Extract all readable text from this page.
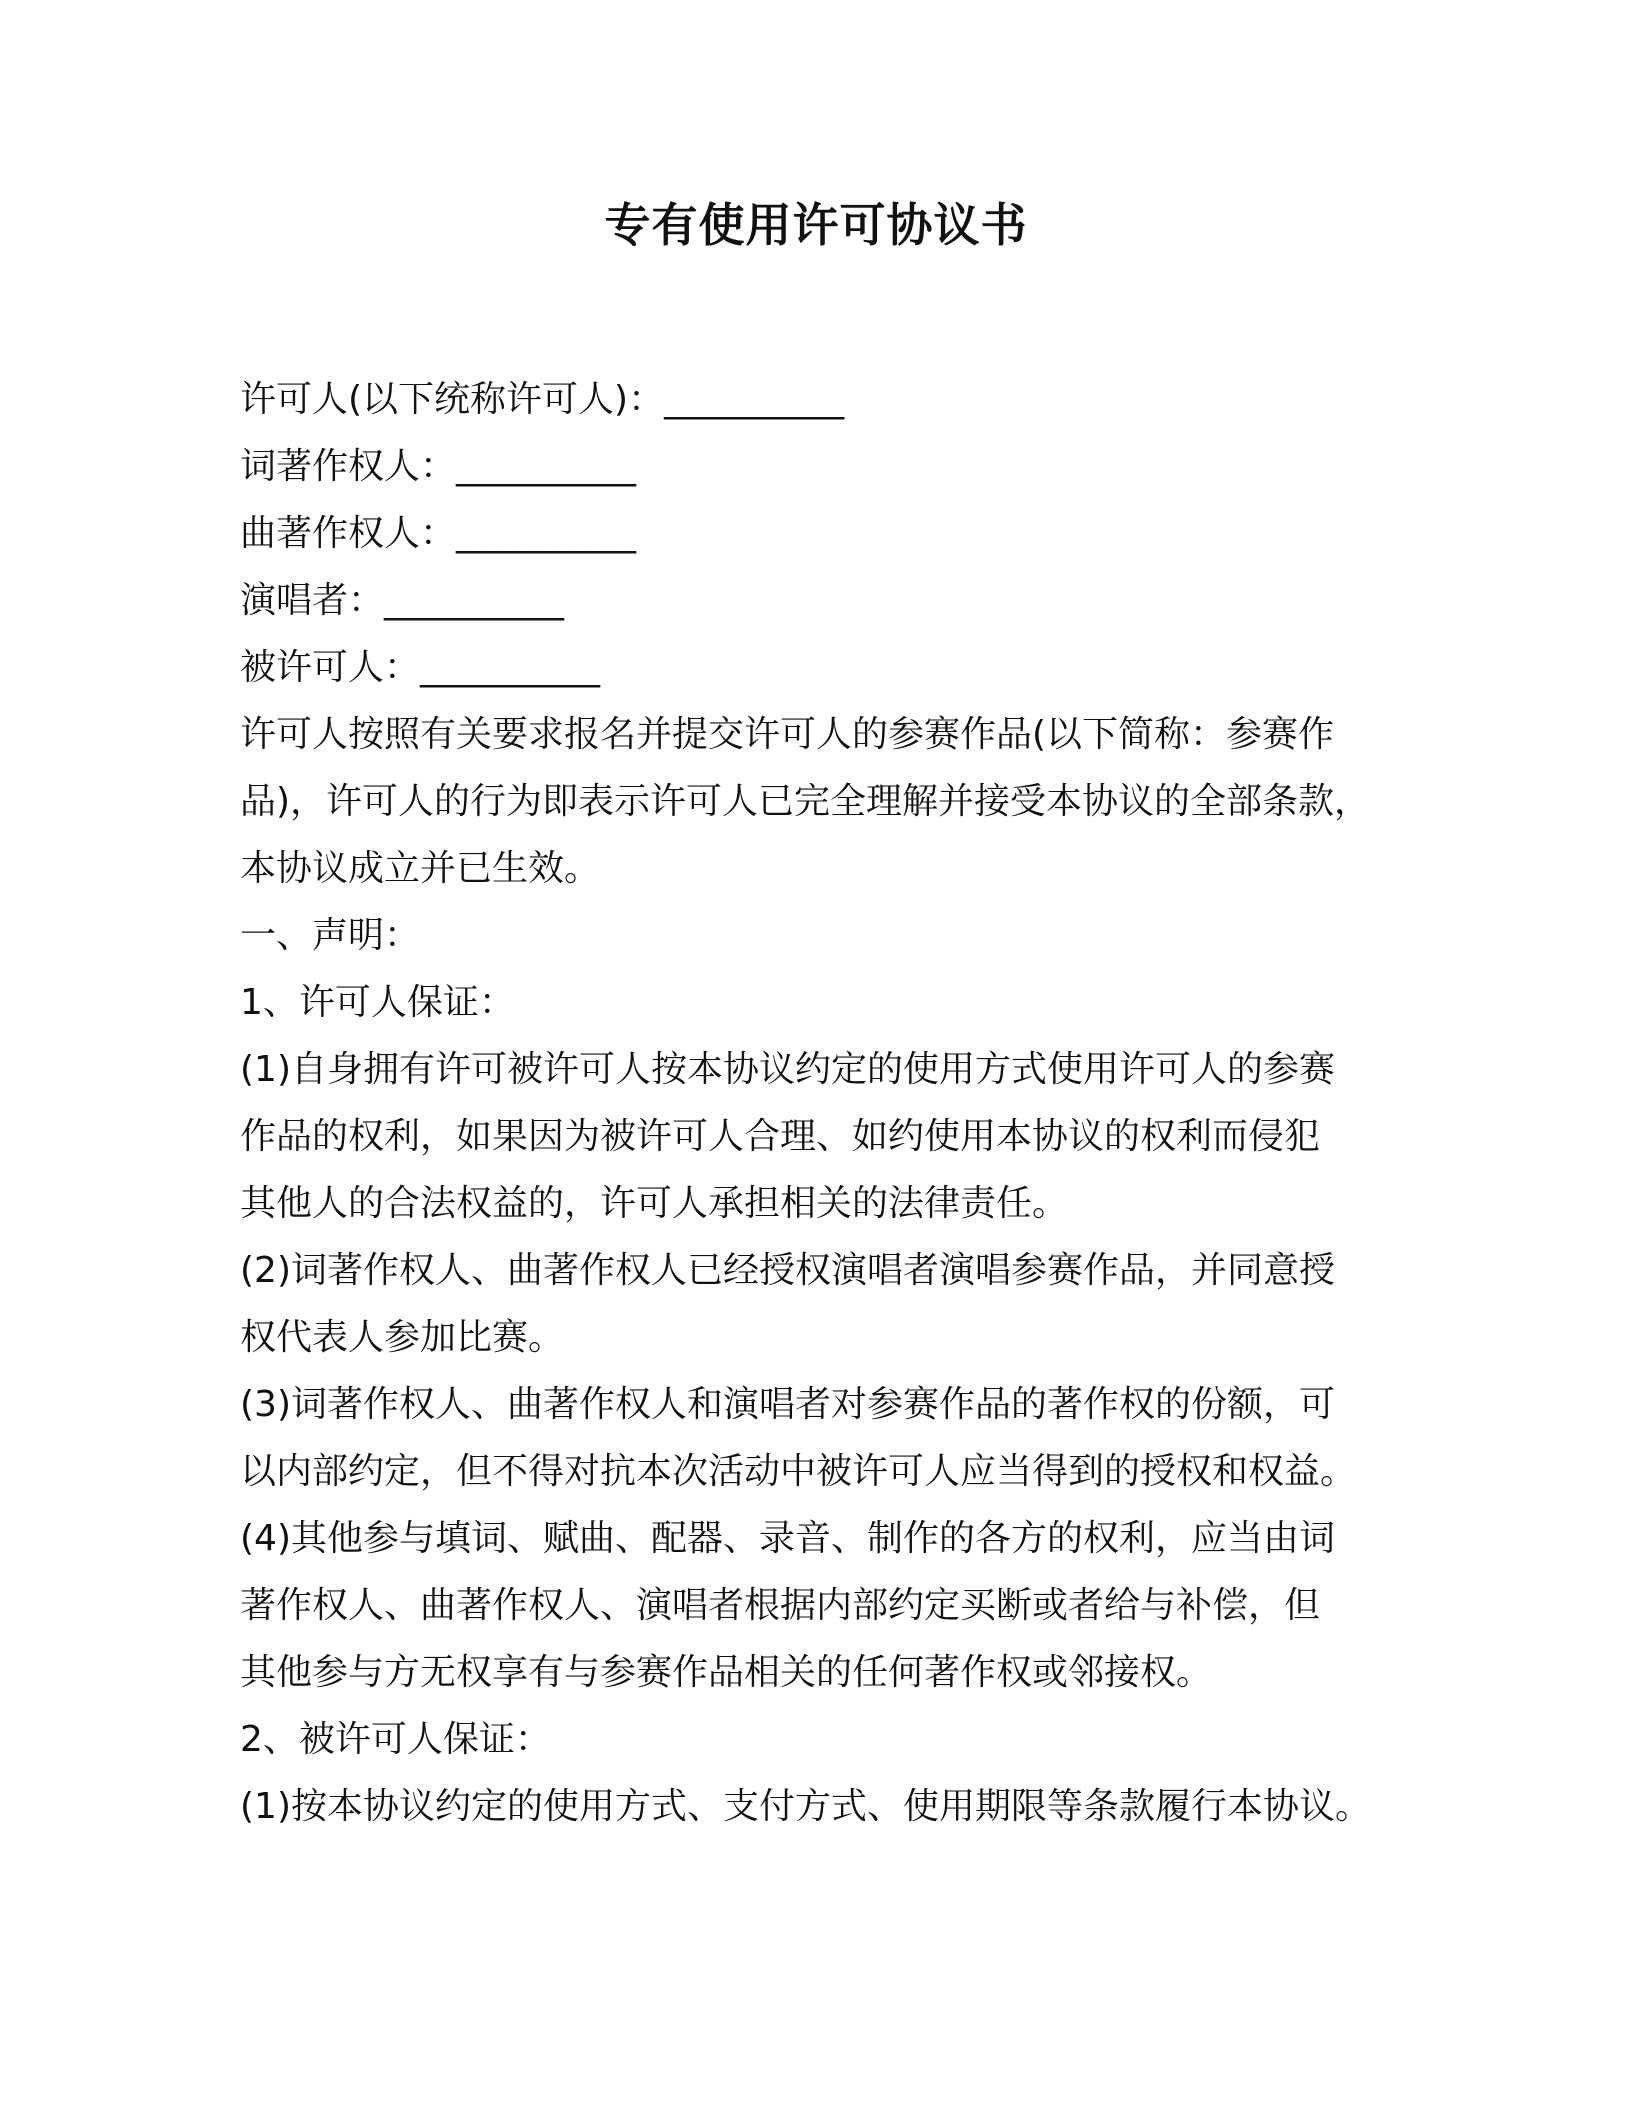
专有使用许可协议书
许可人(以下统称许可人)：__________
词著作权人：__________
曲著作权人：__________
演唱者：__________
被许可人：__________
许可人按照有关要求报名并提交许可人的参赛作品(以下简称：参赛作
品)，许可人的行为即表示许可人已完全理解并接受本协议的全部条款，
本协议成立并已生效。
一、声明：
1、许可人保证：
(1)自身拥有许可被许可人按本协议约定的使用方式使用许可人的参赛
作品的权利，如果因为被许可人合理、如约使用本协议的权利而侵犯
其他人的合法权益的，许可人承担相关的法律责任。
(2)词著作权人、曲著作权人已经授权演唱者演唱参赛作品，并同意授
权代表人参加比赛。
(3)词著作权人、曲著作权人和演唱者对参赛作品的著作权的份额，可
以内部约定，但不得对抗本次活动中被许可人应当得到的授权和权益。
(4)其他参与填词、赋曲、配器、录音、制作的各方的权利，应当由词
著作权人、曲著作权人、演唱者根据内部约定买断或者给与补偿，但
其他参与方无权享有与参赛作品相关的任何著作权或邻接权。
2、被许可人保证：
(1)按本协议约定的使用方式、支付方式、使用期限等条款履行本协议。
